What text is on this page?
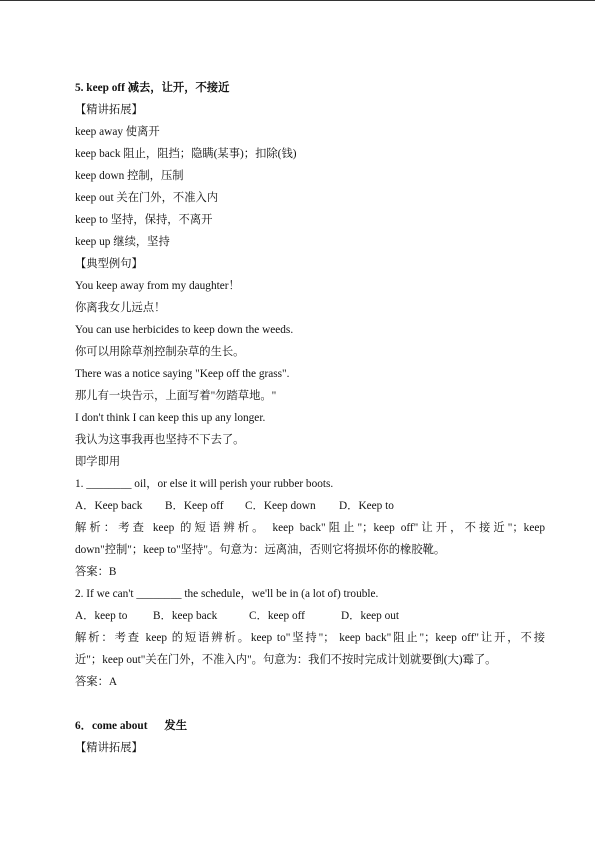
5. keep off 减去，让开，不接近
【精讲拓展】
keep away 使离开
keep back 阻止，阻挡；隐瞒(某事)；扣除(钱)
keep down 控制，压制
keep out 关在门外，不准入内
keep to 坚持，保持，不离开
keep up 继续，坚持
【典型例句】
You keep away from my daughter！
你离我女儿远点！
You can use herbicides to keep down the weeds.
你可以用除草剂控制杂草的生长。
There was a notice saying "Keep off the grass".
那儿有一块告示，上面写着"勿踏草地。"
I don't think I can keep this up any longer.
我认为这事我再也坚持不下去了。
即学即用
1. ________ oil，or else it will perish your rubber boots.
A．Keep back B．Keep off C．Keep down D．Keep to
解析：考查 keep 的短语辨析。 keep back"阻止"；keep off"让开，不接近"；keep
down"控制"；keep to"坚持"。句意为：远离油，否则它将损坏你的橡胶靴。
答案：B
2. If we can't ________ the schedule，we'll be in (a lot of) trouble.
A．keep to B．keep back	C．keep off	D．keep out
解析：考查 keep 的短语辨析。keep to"坚持"； keep back"阻止"；keep off"让开，不接
近"；keep out"关在门外，不准入内"。句意为：我们不按时完成计划就要倒(大)霉了。
答案：A
6．come about      发生
【精讲拓展】
